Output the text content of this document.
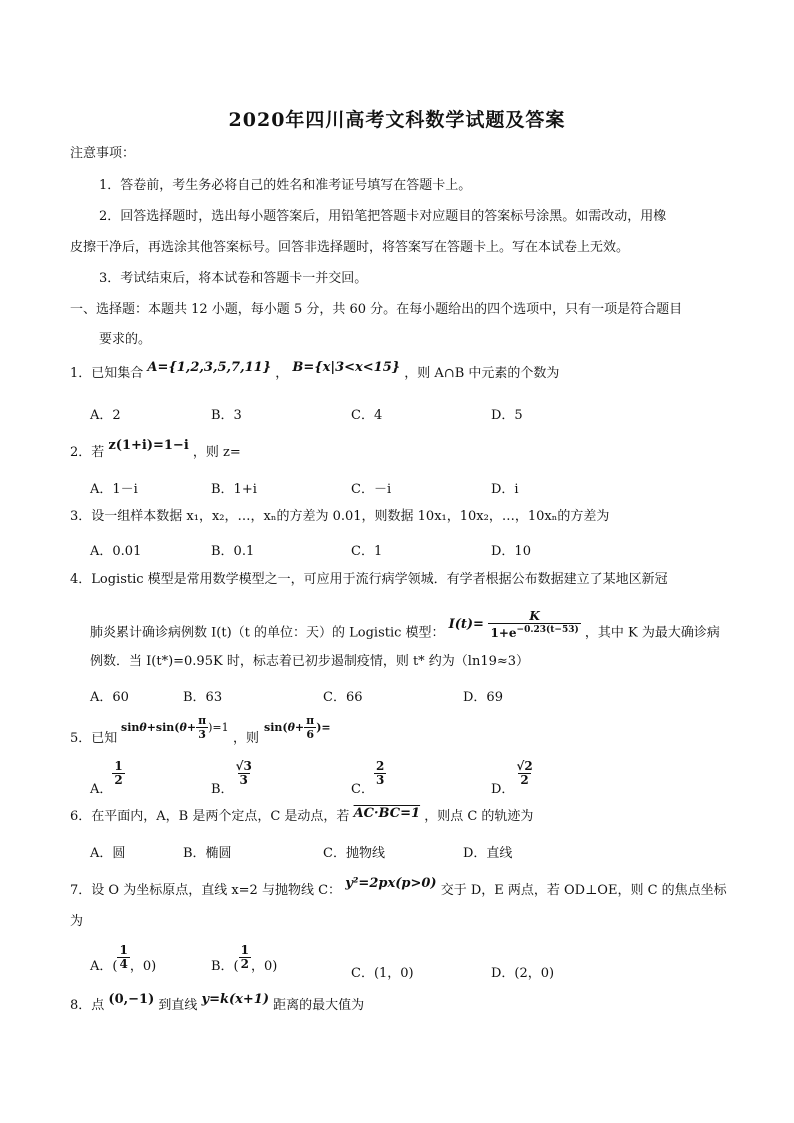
2020年四川高考文科数学试题及答案
注意事项：
1．答卷前，考生务必将自己的姓名和准考证号填写在答题卡上。
2．回答选择题时，选出每小题答案后，用铅笔把答题卡对应题目的答案标号涂黑。如需改动，用橡
皮擦干净后，再选涂其他答案标号。回答非选择题时，将答案写在答题卡上。写在本试卷上无效。
3．考试结束后，将本试卷和答题卡一并交回。
一、选择题：本题共 12 小题，每小题 5 分，共 60 分。在每小题给出的四个选项中，只有一项是符合题目
要求的。
1．已知集合 A={1,2,3,5,7,11} ， B={x|3<x<15} ，则 A∩B 中元素的个数为
A．2	B．3	C．4	D．5
2．若 z(1+i)=1−i ，则 z=
A．1－i	B．1+i	C．－i	D．i
3．设一组样本数据 x₁，x₂，…，xₙ的方差为 0.01，则数据 10x₁，10x₂，…，10xₙ的方差为
A．0.01	B．0.1	C．1	D．10
4．Logistic 模型是常用数学模型之一，可应用于流行病学领城．有学者根据公布数据建立了某地区新冠
肺炎累计确诊病例数 I(t)（t 的单位：天）的 Logistic 模型： $I(t)= \frac{K}{1+e^{-0.23(t-53)}}$ ，其中 K 为最大确诊病
例数．当 I(t*)=0.95K 时，标志着已初步遏制疫情，则 t* 约为（ln19≈3）
A．60	B．63	C．66	D．69
5．已知
$\sin\theta+\sin(\theta+ \frac{\pi}{3} )=1$
，则
$\sin(\theta+ \frac{\pi}{6}$ )=
A．
$\frac{1}{2}$
B．
$\frac{√3}{3}$
C．
$\frac{2}{3}$
D．
$\frac{√2}{2}$
6．在平面内，A，B 是两个定点，C 是动点，若 AC·BC=1 ，则点 C 的轨迹为
A．圆	B．椭圆	C．抛物线	D．直线
7．设 O 为坐标原点，直线 x=2 与抛物线 C： y²=2px(p>0) 交于 D，E 两点，若 OD⊥OE，则 C 的焦点坐标
为
A．( $\frac{1}{4}$ ，0)	B．( $\frac{1}{2}$ ，0)	C．(1，0)	D．(2，0)
8．点 (0,−1) 到直线 y=k(x+1) 距离的最大值为
